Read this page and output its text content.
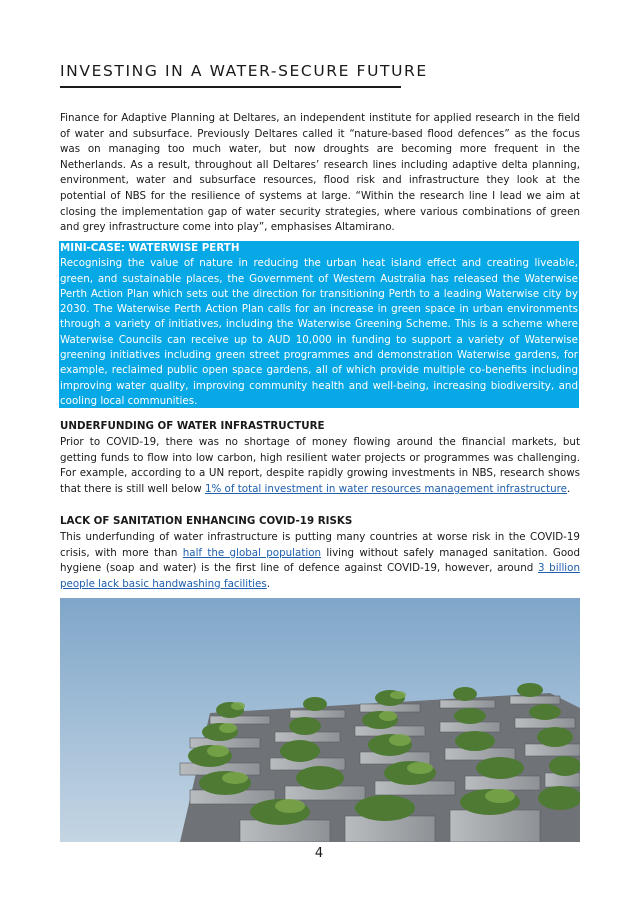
INVESTING IN A WATER-SECURE FUTURE

Finance for Adaptive Planning at Deltares, an independent institute for applied research in the field of water and subsurface. Previously Deltares called it “nature-based flood defences” as the focus was on managing too much water, but now droughts are becoming more frequent in the Netherlands. As a result, throughout all Deltares’ research lines including adaptive delta planning, environment, water and subsurface resources, flood risk and infrastructure they look at the potential of NBS for the resilience of systems at large. “Within the research line I lead we aim at closing the implementation gap of water security strategies, where various combinations of green and grey infrastructure come into play”, emphasises Altamirano.

MINI-CASE: WATERWISE PERTH

Recognising the value of nature in reducing the urban heat island effect and creating liveable, green, and sustainable places, the Government of Western Australia has released the Waterwise Perth Action Plan which sets out the direction for transitioning Perth to a leading Waterwise city by 2030. The Waterwise Perth Action Plan calls for an increase in green space in urban environments through a variety of initiatives, including the Waterwise Greening Scheme. This is a scheme where Waterwise Councils can receive up to AUD 10,000 in funding to support a variety of Waterwise greening initiatives including green street programmes and demonstration Waterwise gardens, for example, reclaimed public open space gardens, all of which provide multiple co-benefits including improving water quality, improving community health and well-being, increasing biodiversity, and cooling local communities.

UNDERFUNDING OF WATER INFRASTRUCTURE

Prior to COVID-19, there was no shortage of money flowing around the financial markets, but getting funds to flow into low carbon, high resilient water projects or programmes was challenging. For example, according to a UN report, despite rapidly growing investments in NBS, research shows that there is still well below 1% of total investment in water resources management infrastructure.

LACK OF SANITATION ENHANCING COVID-19 RISKS

This underfunding of water infrastructure is putting many countries at worse risk in the COVID-19 crisis, with more than half the global population living without safely managed sanitation. Good hygiene (soap and water) is the first line of defence against COVID-19, however, around 3 billion people lack basic handwashing facilities.

4
